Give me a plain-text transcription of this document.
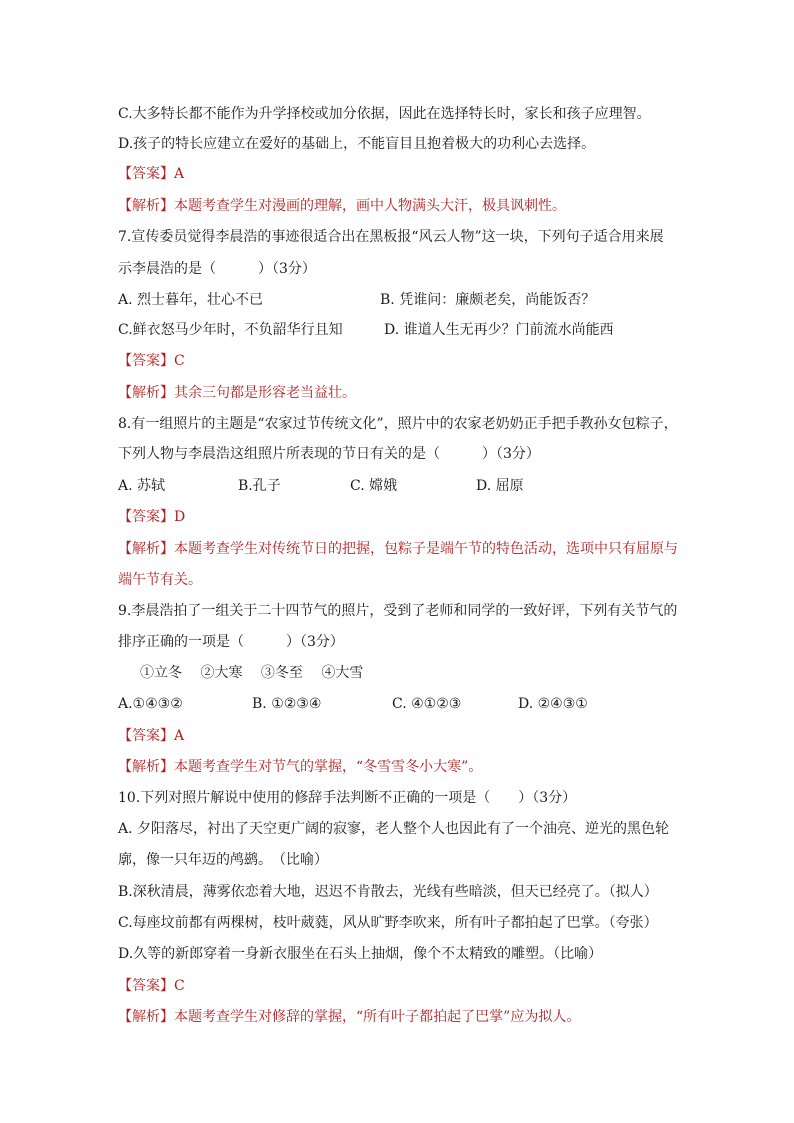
C.大多特长都不能作为升学择校或加分依据，因此在选择特长时，家长和孩子应理智。
D.孩子的特长应建立在爱好的基础上，不能盲目且抱着极大的功利心去选择。
【答案】A
【解析】本题考查学生对漫画的理解，画中人物满头大汗，极具讽刺性。
7.宣传委员觉得李晨浩的事迹很适合出在黑板报“风云人物”这一块，下列句子适合用来展
示李晨浩的是（　　　）（3分）
A. 烈士暮年，壮心不已	B. 凭谁问：廉颇老矣，尚能饭否？
C.鲜衣怒马少年时，不负韶华行且知	D. 谁道人生无再少？门前流水尚能西
【答案】C
【解析】其余三句都是形容老当益壮。
8.有一组照片的主题是“农家过节传统文化”，照片中的农家老奶奶正手把手教孙女包粽子，
下列人物与李晨浩这组照片所表现的节日有关的是（　　　）（3分）
A. 苏轼	B.孔子	C. 嫦娥	D. 屈原
【答案】D
【解析】本题考查学生对传统节日的把握，包粽子是端午节的特色活动，选项中只有屈原与
端午节有关。
9.李晨浩拍了一组关于二十四节气的照片，受到了老师和同学的一致好评，下列有关节气的
排序正确的一项是（　　　）（3分）
①立冬　 ②大寒　 ③冬至　 ④大雪
A.①④③②	B. ①②③④	C. ④①②③	D. ②④③①
【答案】A
【解析】本题考查学生对节气的掌握，“冬雪雪冬小大寒”。
10.下列对照片解说中使用的修辞手法判断不正确的一项是（　　）（3分）
A. 夕阳落尽，衬出了天空更广阔的寂寥，老人整个人也因此有了一个油亮、逆光的黑色轮
廓，像一只年迈的鸬鹚。　（比喻）
B.深秋清晨，薄雾依恋着大地，迟迟不肯散去，光线有些暗淡，但天已经亮了。（拟人）
C.每座坟前都有两棵树，枝叶葳蕤，风从旷野李吹来，所有叶子都拍起了巴掌。（夸张）
D.久等的新郎穿着一身新衣服坐在石头上抽烟，像个不太精致的雕塑。（比喻）
【答案】C
【解析】本题考查学生对修辞的掌握，“所有叶子都拍起了巴掌”应为拟人。
